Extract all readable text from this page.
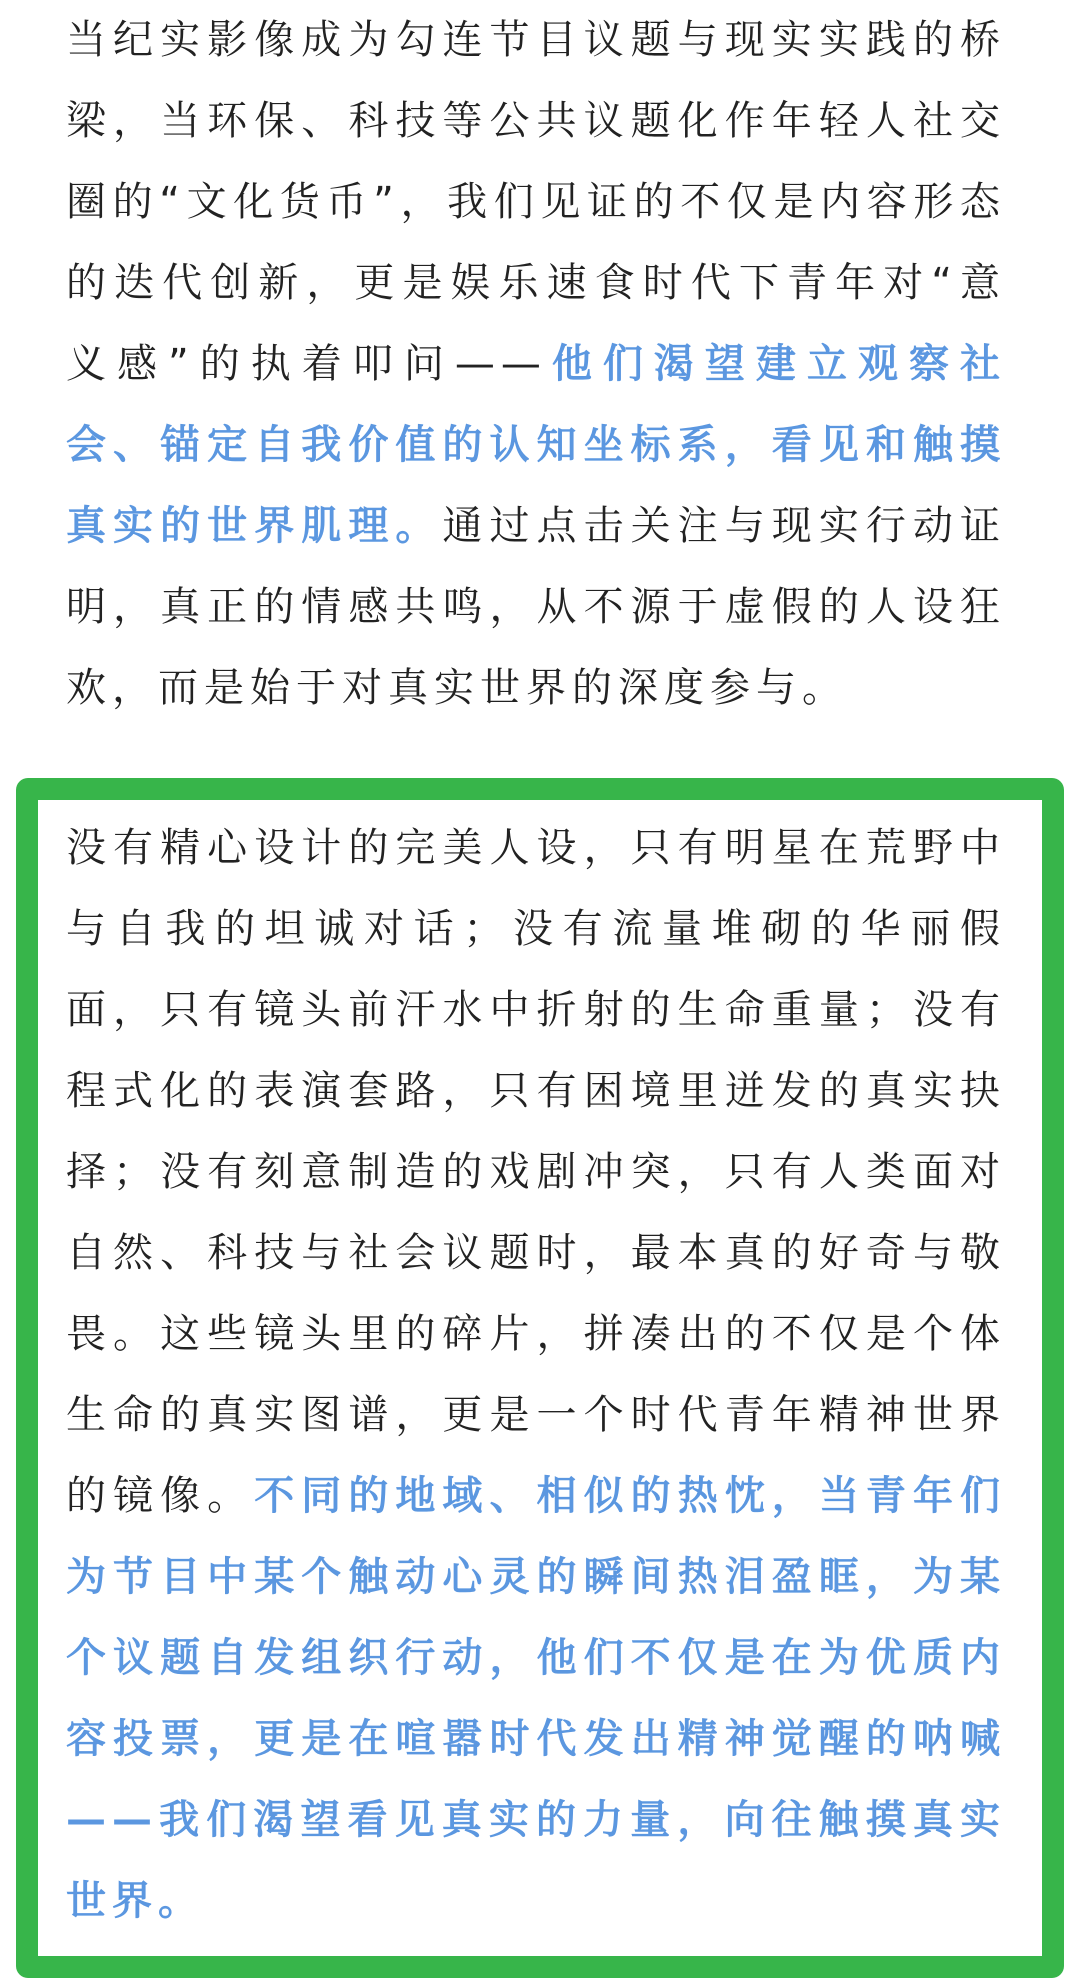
当纪实影像成为勾连节目议题与现实实践的桥梁，当环保、科技等公共议题化作年轻人社交圈的“文化货币”，我们见证的不仅是内容形态的迭代创新，更是娱乐速食时代下青年对“意义感”的执着叩问——他们渴望建立观察社会、锚定自我价值的认知坐标系，看见和触摸真实的世界肌理。通过点击关注与现实行动证明，真正的情感共鸣，从不源于虚假的人设狂欢，而是始于对真实世界的深度参与。

没有精心设计的完美人设，只有明星在荒野中与自我的坦诚对话；没有流量堆砌的华丽假面，只有镜头前汗水中折射的生命重量；没有程式化的表演套路，只有困境里迸发的真实抉择；没有刻意制造的戏剧冲突，只有人类面对自然、科技与社会议题时，最本真的好奇与敬畏。这些镜头里的碎片，拼凑出的不仅是个体生命的真实图谱，更是一个时代青年精神世界的镜像。不同的地域、相似的热忱，当青年们为节目中某个触动心灵的瞬间热泪盈眶，为某个议题自发组织行动，他们不仅是在为优质内容投票，更是在喧嚣时代发出精神觉醒的呐喊——我们渴望看见真实的力量，向往触摸真实世界。
